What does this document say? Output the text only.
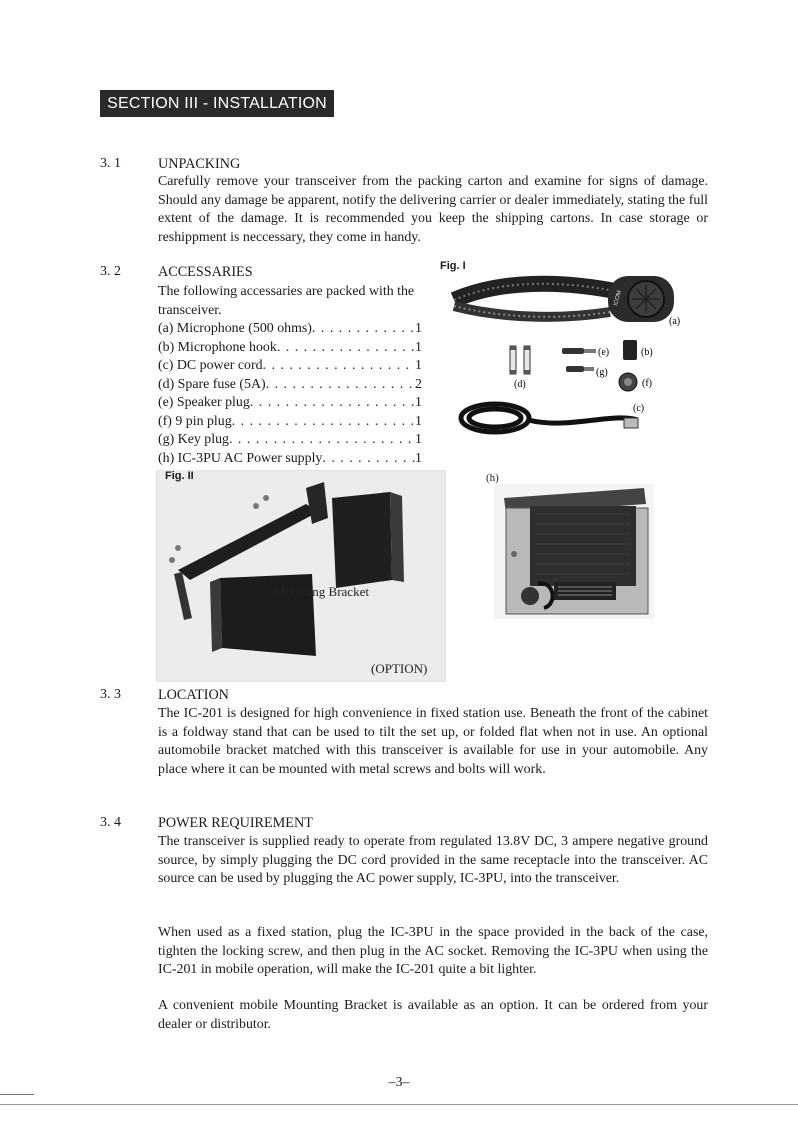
SECTION III - INSTALLATION
3. 1	UNPACKING

Carefully remove your transceiver from the packing carton and examine for signs of damage. Should any damage be apparent, notify the delivering carrier or dealer immediately, stating the full extent of the damage. It is recommended you keep the shipping cartons. In case storage or reshippment is neccessary, they come in handy.

3. 2	ACCESSARIES

The following accessaries are packed with the transceiver.

(a) Microphone (500 ohms) . . .	1
(b) Microphone hook . . .	1
(c) DC power cord . . .	1
(d) Spare fuse (5A) . . .	2
(e) Speaker plug . . .	1
(f) 9 pin plug . . .	1
(g) Key plug . . .	1
(h) IC-3PU AC Power supply . . .	1
Fig. I
ICOM
(a)
(d)
(e)	(b)
(g)
(f)
(c)
Mounting Bracket
(OPTION)
Fig. II	(h)
3. 3	LOCATION

The IC-201 is designed for high convenience in fixed station use. Beneath the front of the cabinet is a foldway stand that can be used to tilt the set up, or folded flat when not in use. An optional automobile bracket matched with this transceiver is available for use in your automobile. Any place where it can be mounted with metal screws and bolts will work.

3. 4	POWER REQUIREMENT

The transceiver is supplied ready to operate from regulated 13.8V DC, 3 ampere negative ground source, by simply plugging the DC cord provided in the same receptacle into the transceiver. AC source can be used by plugging the AC power supply, IC-3PU, into the transceiver.

When used as a fixed station, plug the IC-3PU in the space provided in the back of the case, tighten the locking screw, and then plug in the AC socket. Removing the IC-3PU when using the IC-201 in mobile operation, will make the IC-201 quite a bit lighter.

A convenient mobile Mounting Bracket is available as an option. It can be ordered from your dealer or distributor.

–3–
